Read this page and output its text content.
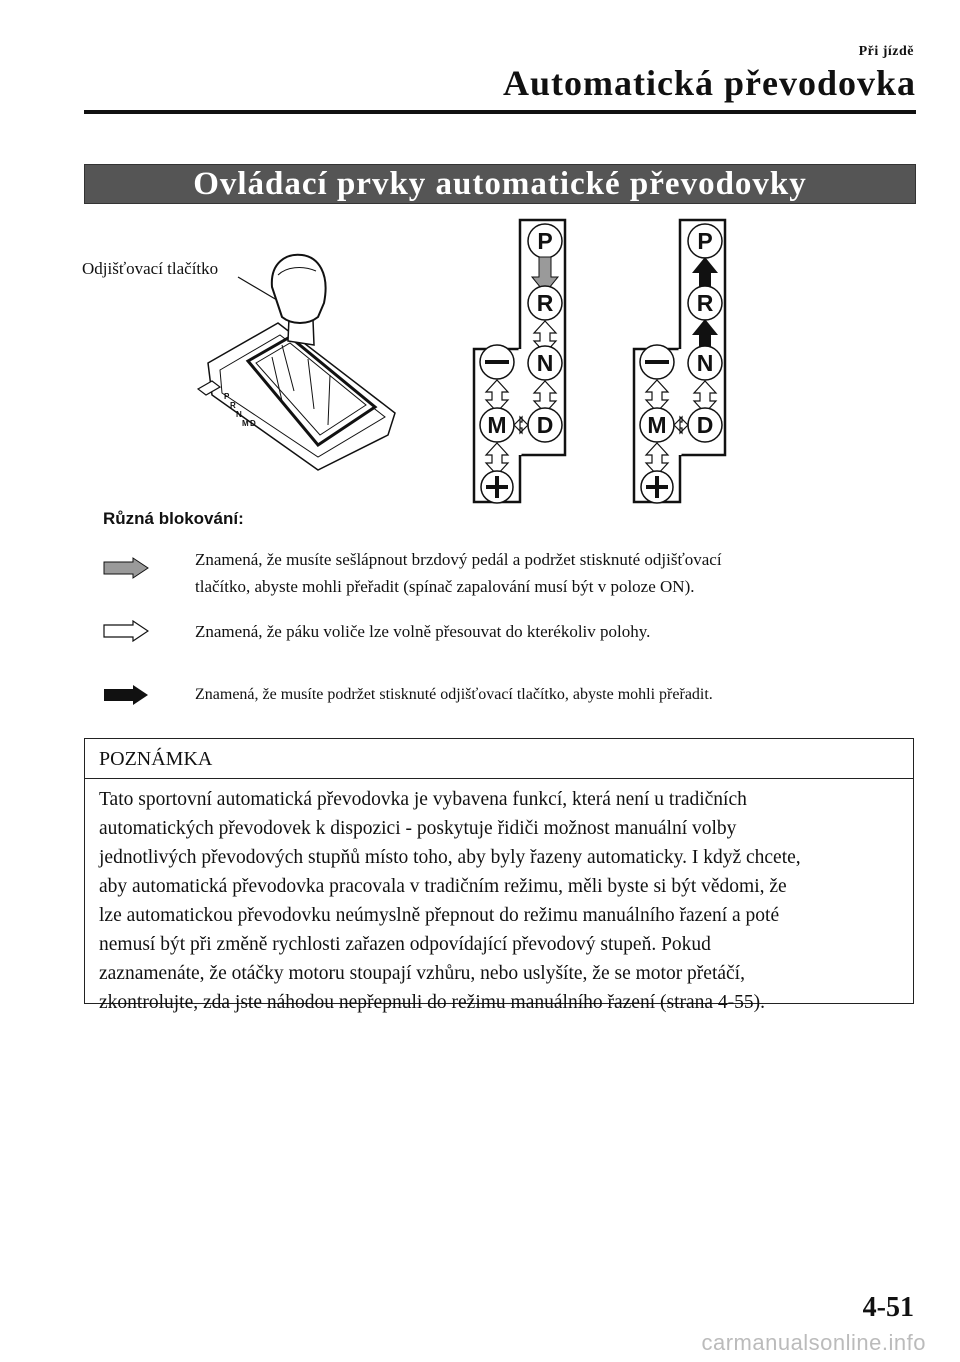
Při jízdě
Automatická převodovka
Ovládací prvky automatické převodovky
P
R
N
M D
Odjišťovací tlačítko
P
R
N
D
M
P
R
N
D
M
Různá blokování:
Znamená, že musíte sešlápnout brzdový pedál a podržet stisknuté odjišťovací
tlačítko, abyste mohli přeřadit (spínač zapalování musí být v poloze ON).
Znamená, že páku voliče lze volně přesouvat do kterékoliv polohy.
Znamená, že musíte podržet stisknuté odjišťovací tlačítko, abyste mohli přeřadit.
POZNÁMKA
Tato sportovní automatická převodovka je vybavena funkcí, která není u tradičních
automatických převodovek k dispozici - poskytuje řidiči možnost manuální volby
jednotlivých převodových stupňů místo toho, aby byly řazeny automaticky. I když chcete,
aby automatická převodovka pracovala v tradičním režimu, měli byste si být vědomi, že
lze automatickou převodovku neúmyslně přepnout do režimu manuálního řazení a poté
nemusí být při změně rychlosti zařazen odpovídající převodový stupeň. Pokud
zaznamenáte, že otáčky motoru stoupají vzhůru, nebo uslyšíte, že se motor přetáčí,
zkontrolujte, zda jste náhodou nepřepnuli do režimu manuálního řazení (strana 4-55).
4-51
carmanualsonline.info
